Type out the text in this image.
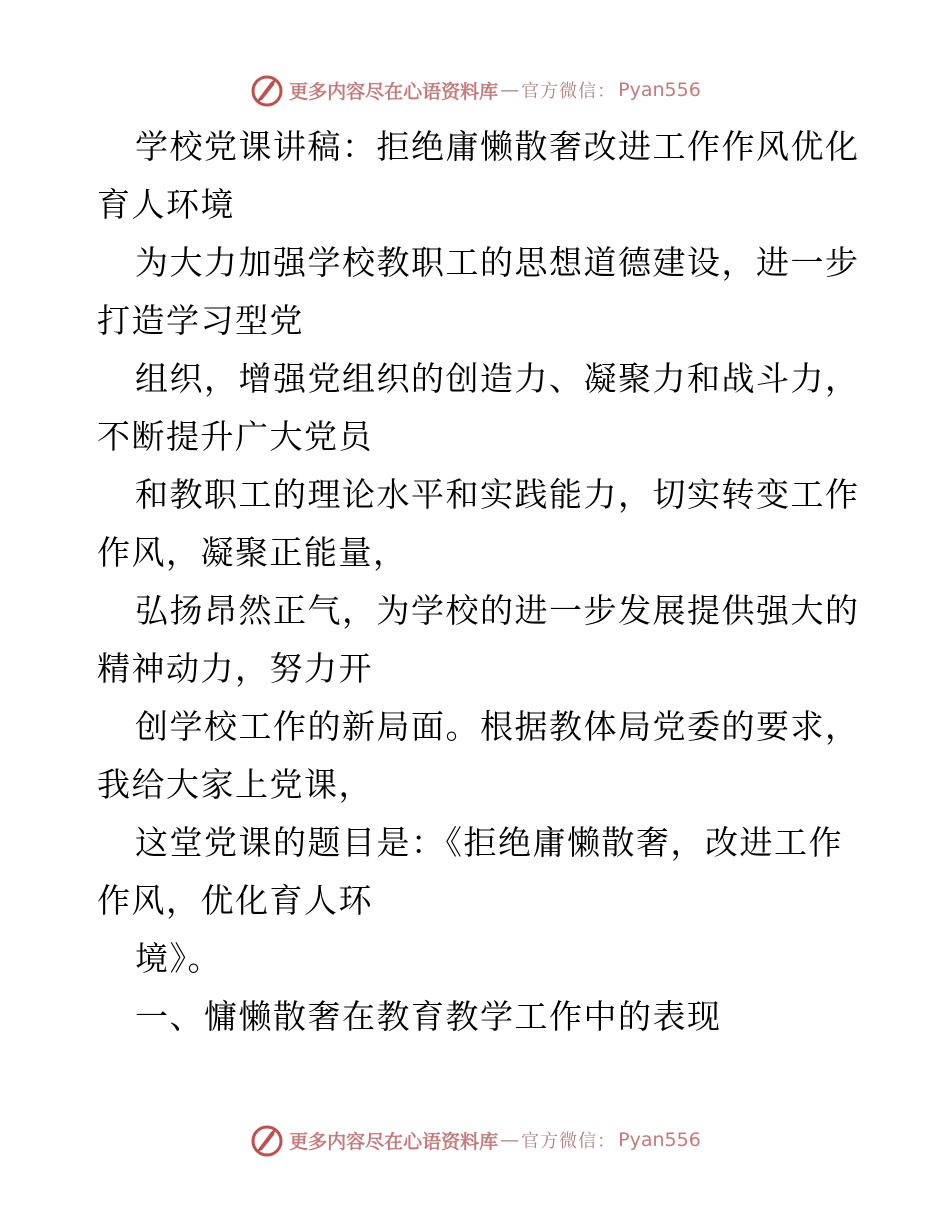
更多内容尽在心语资料库 — 官方微信： Pyan556
学校党课讲稿：拒绝庸懒散奢改进工作作风优化
育人环境
为大力加强学校教职工的思想道德建设，进一步
打造学习型党
组织，增强党组织的创造力、凝聚力和战斗力，
不断提升广大党员
和教职工的理论水平和实践能力，切实转变工作
作风，凝聚正能量，
弘扬昂然正气，为学校的进一步发展提供强大的
精神动力，努力开
创学校工作的新局面。根据教体局党委的要求，
我给大家上党课，
这堂党课的题目是：《拒绝庸懒散奢，改进工作
作风，优化育人环
境》。
一、慵懒散奢在教育教学工作中的表现
更多内容尽在心语资料库 — 官方微信： Pyan556
